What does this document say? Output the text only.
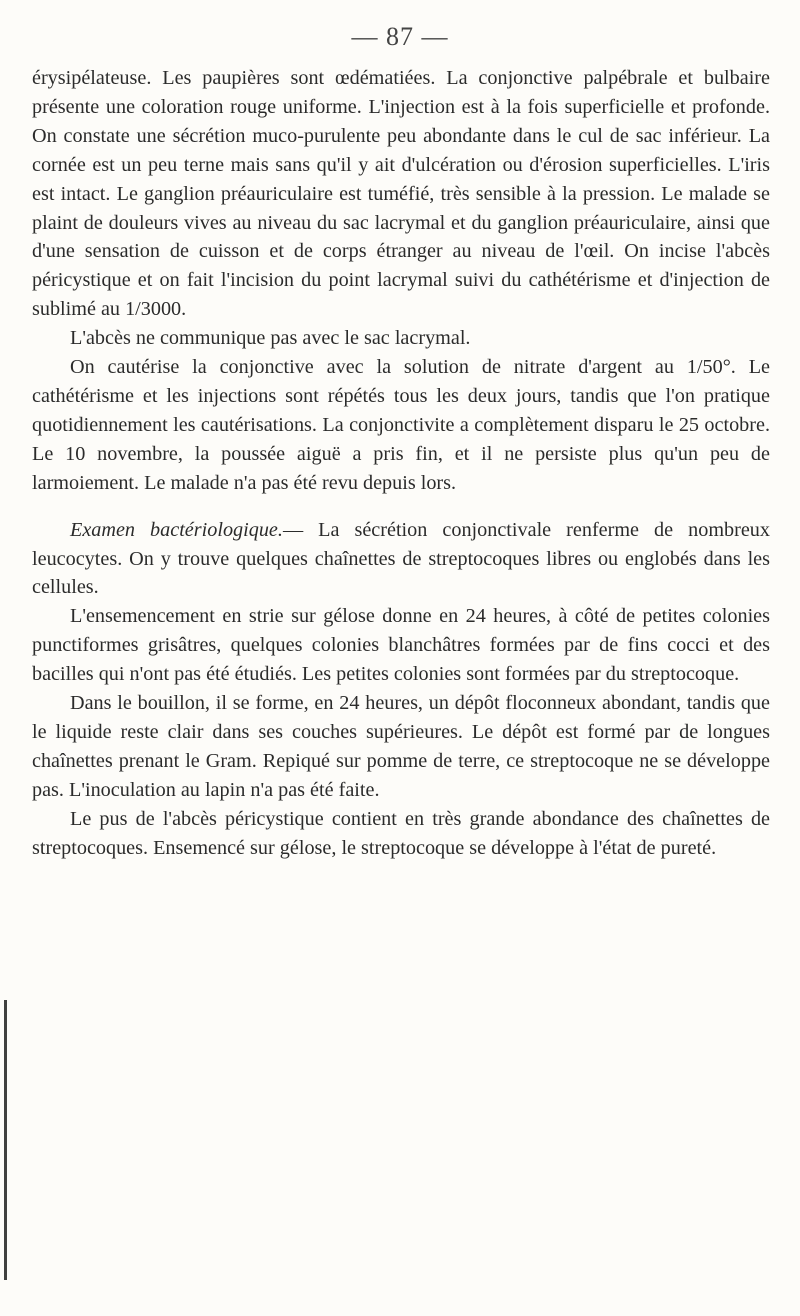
— 87 —

érysipélateuse. Les paupières sont œdématiées. La conjonctive palpébrale et bulbaire présente une coloration rouge uniforme. L'injection est à la fois superficielle et profonde. On constate une sécrétion muco-purulente peu abondante dans le cul de sac inférieur. La cornée est un peu terne mais sans qu'il y ait d'ulcération ou d'érosion superficielles. L'iris est intact. Le ganglion préauriculaire est tuméfié, très sensible à la pression. Le malade se plaint de douleurs vives au niveau du sac lacrymal et du ganglion préauriculaire, ainsi que d'une sensation de cuisson et de corps étranger au niveau de l'œil. On incise l'abcès péricystique et on fait l'incision du point lacrymal suivi du cathétérisme et d'injection de sublimé au 1/3000.

L'abcès ne communique pas avec le sac lacrymal.

On cautérise la conjonctive avec la solution de nitrate d'argent au 1/50°. Le cathétérisme et les injections sont répétés tous les deux jours, tandis que l'on pratique quotidiennement les cautérisations. La conjonctivite a complètement disparu le 25 octobre. Le 10 novembre, la poussée aiguë a pris fin, et il ne persiste plus qu'un peu de larmoiement. Le malade n'a pas été revu depuis lors.

Examen bactériologique.— La sécrétion conjonctivale renferme de nombreux leucocytes. On y trouve quelques chaînettes de streptocoques libres ou englobés dans les cellules.

L'ensemencement en strie sur gélose donne en 24 heures, à côté de petites colonies punctiformes grisâtres, quelques colonies blanchâtres formées par de fins cocci et des bacilles qui n'ont pas été étudiés. Les petites colonies sont formées par du streptocoque.

Dans le bouillon, il se forme, en 24 heures, un dépôt floconneux abondant, tandis que le liquide reste clair dans ses couches supérieures. Le dépôt est formé par de longues chaînettes prenant le Gram. Repiqué sur pomme de terre, ce streptocoque ne se développe pas. L'inoculation au lapin n'a pas été faite.

Le pus de l'abcès péricystique contient en très grande abondance des chaînettes de streptocoques. Ensemencé sur gélose, le streptocoque se développe à l'état de pureté.
